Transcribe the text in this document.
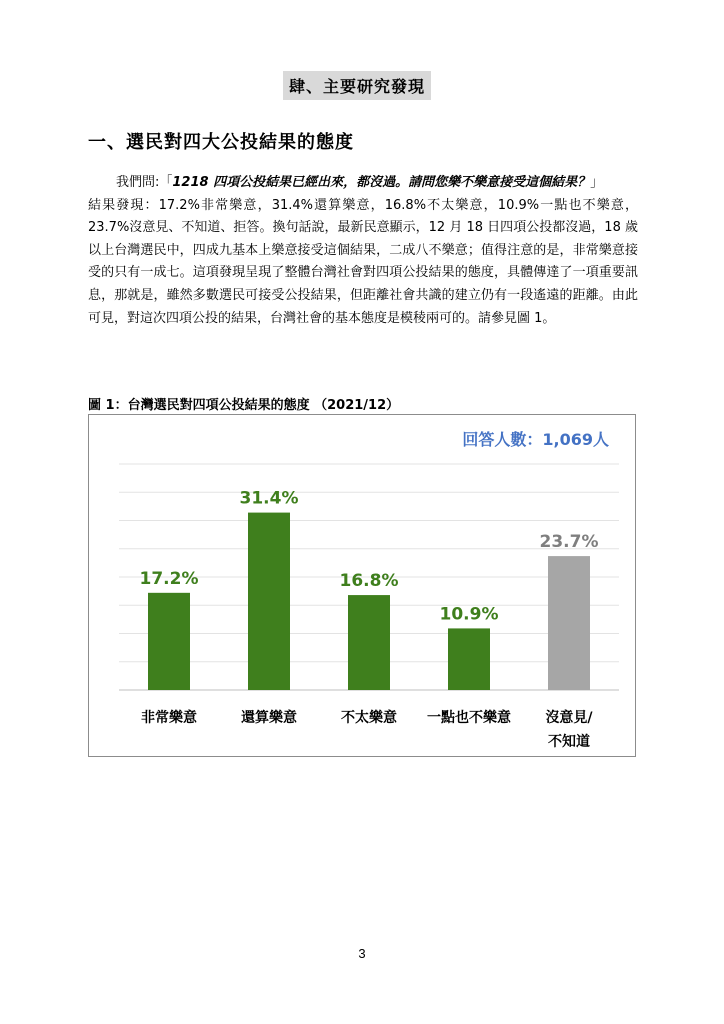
肆、主要研究發現
一、選民對四大公投結果的態度

我們問:「1218 四項公投結果已經出來，都沒過。請問您樂不樂意接受這個結果？」

結果發現：17.2%非常樂意，31.4%還算樂意，16.8%不太樂意，10.9%一點也不樂意，23.7%沒意見、不知道、拒答。換句話說，最新民意顯示，12 月 18 日四項公投都沒過，18 歲以上台灣選民中，四成九基本上樂意接受這個結果，二成八不樂意；值得注意的是，非常樂意接受的只有一成七。這項發現呈現了整體台灣社會對四項公投結果的態度，具體傳達了一項重要訊息，那就是，雖然多數選民可接受公投結果，但距離社會共識的建立仍有一段遙遠的距離。由此可見，對這次四項公投的結果，台灣社會的基本態度是模稜兩可的。請參見圖 1。

圖 1：台灣選民對四項公投結果的態度 （2021/12）
17.2%
31.4%
16.8%
10.9%
23.7%
非常樂意	還算樂意	不太樂意 一點也不樂意 沒意見/
不知道
回答人數：1,069人
3
